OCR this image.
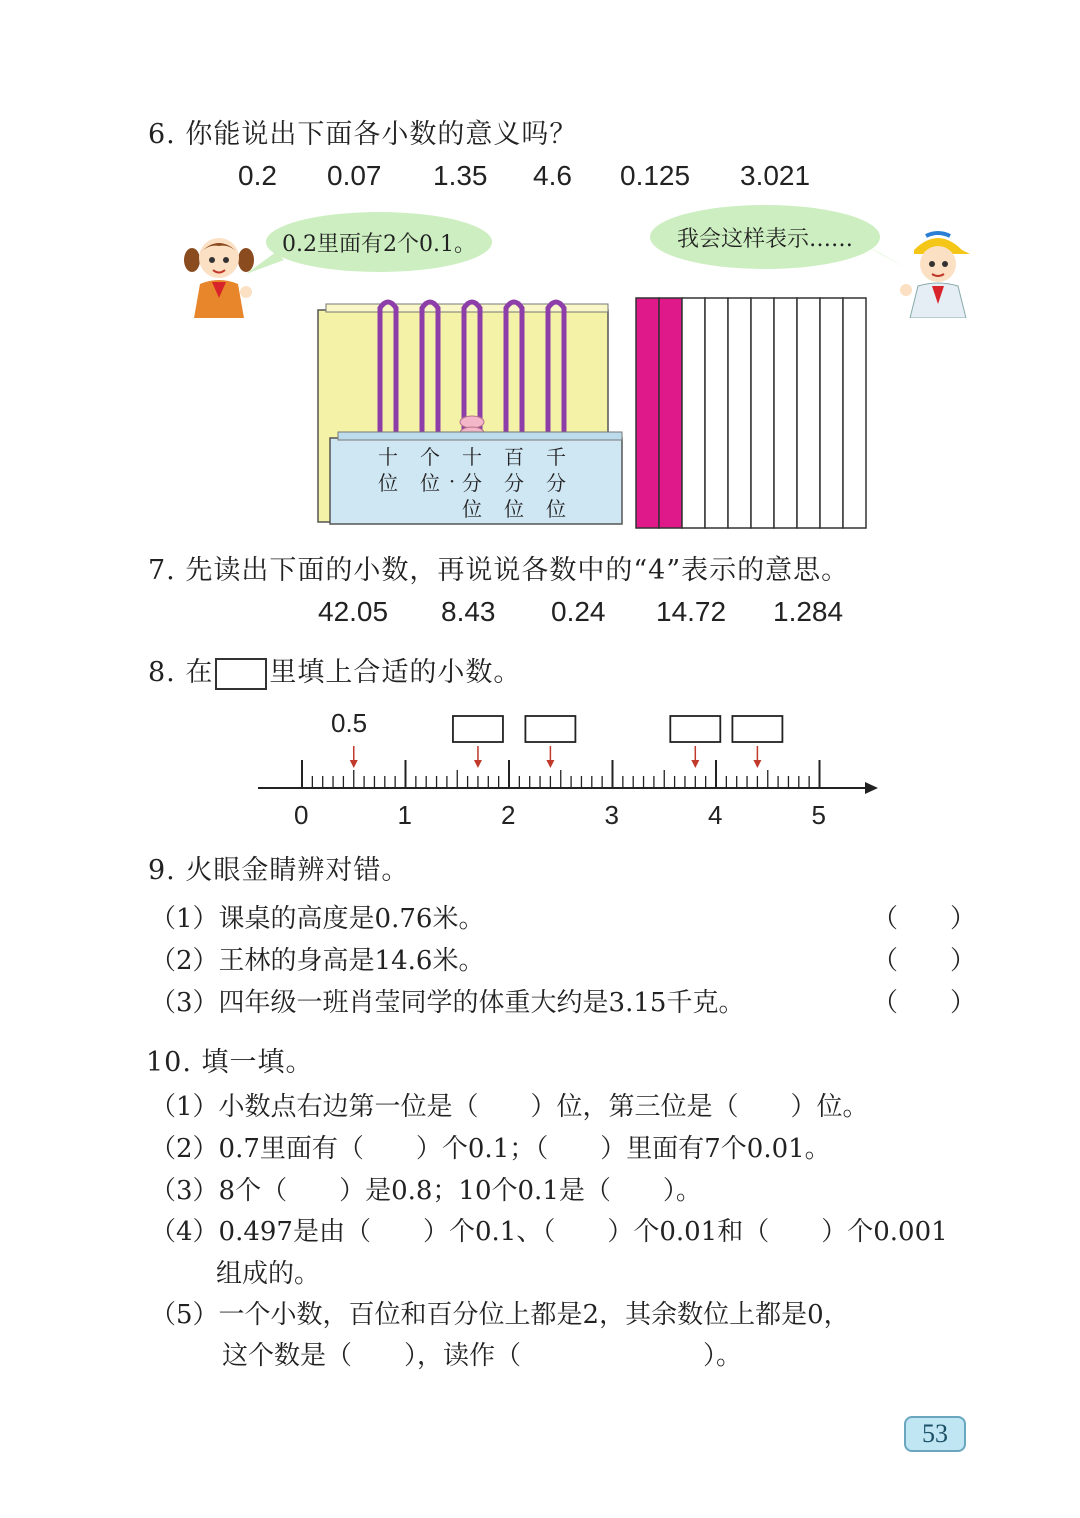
6. 你能说出下面各小数的意义吗？
0.2 0.07 1.35 4.6 0.125 3.021
0.2里面有2个0.1。	我会这样表示……
十
位
个
位 ·
十
分
位
百
分
位
千
分
位
7. 先读出下面的小数，再说说各数中的“4”表示的意思。
42.05 8.43 0.24 14.72 1.284
8. 在 里填上合适的小数。
0.5
0	1	2	3	4	5
9. 火眼金睛辨对错。
（1）课桌的高度是0.76米。	（　　）
（2）王林的身高是14.6米。	（　　）
（3）四年级一班肖莹同学的体重大约是3.15千克。	（　　）
10. 填一填。
（1）小数点右边第一位是（　　）位，第三位是（　　）位。
（2）0.7里面有（　　）个0.1；（　　）里面有7个0.01。
（3）8个（　　）是0.8；10个0.1是（　　）。
（4）0.497是由（　　）个0.1、（　　）个0.01和（　　）个0.001
组成的。
（5）一个小数，百位和百分位上都是2，其余数位上都是0，
这个数是（　　），读作（　　　　　　　）。
53
